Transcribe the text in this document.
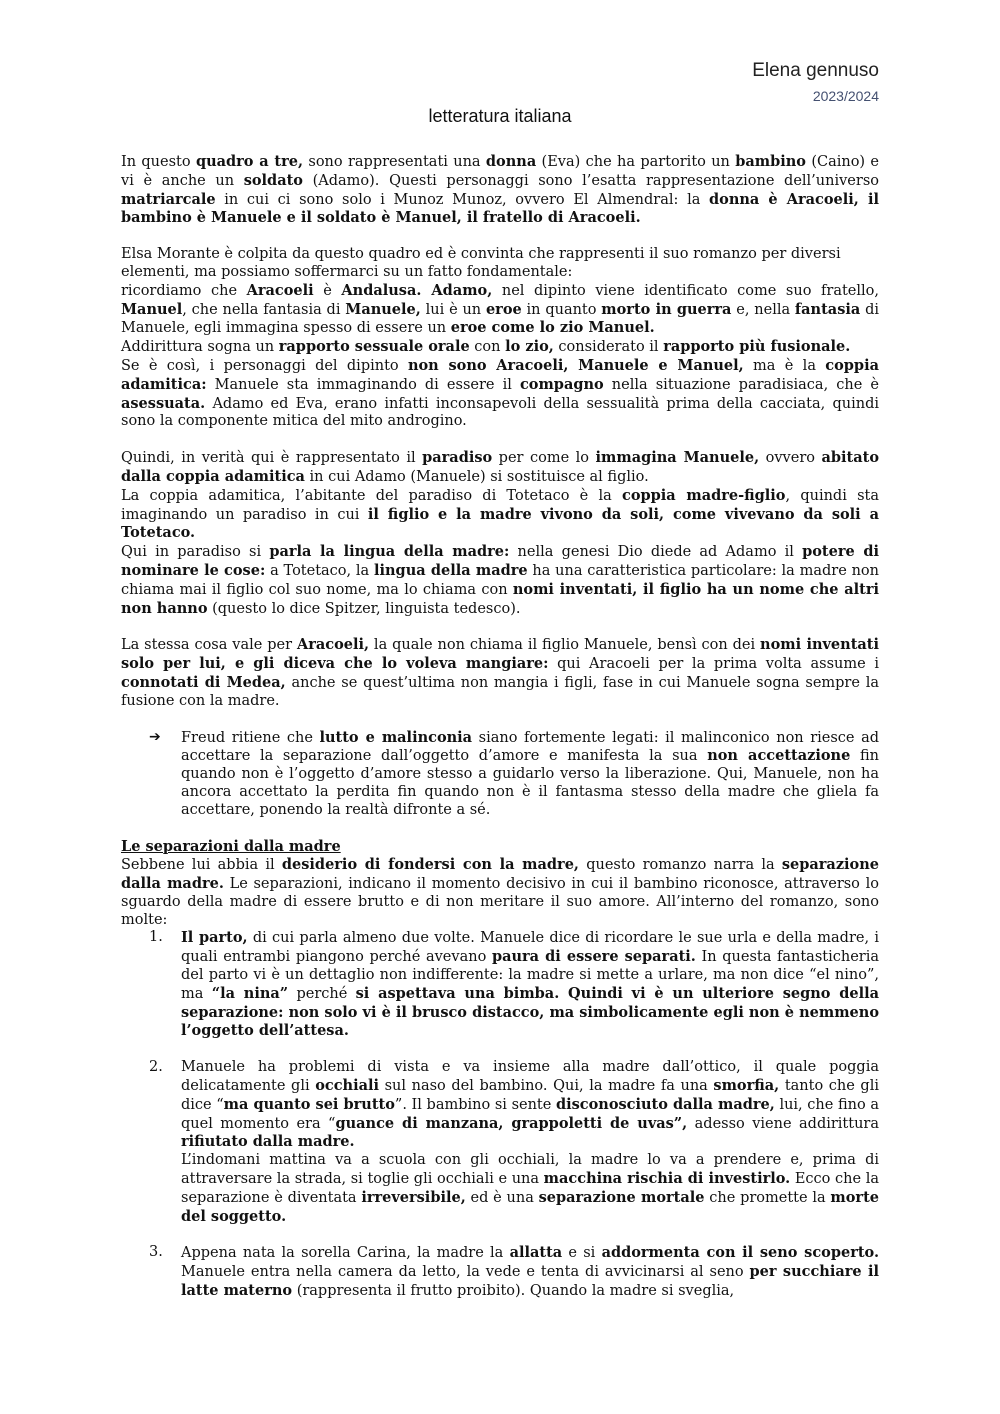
Elena gennuso
2023/2024
letteratura italiana

In questo quadro a tre, sono rappresentati una donna (Eva) che ha partorito un bambino (Caino) e vi è anche un soldato (Adamo). Questi personaggi sono l’esatta rappresentazione dell’universo matriarcale in cui ci sono solo i Munoz Munoz, ovvero El Almendral: la donna è Aracoeli, il bambino è Manuele e il soldato è Manuel, il fratello di Aracoeli.

Elsa Morante è colpita da questo quadro ed è convinta che rappresenti il suo romanzo per diversi elementi, ma possiamo soffermarci su un fatto fondamentale:

ricordiamo che Aracoeli è Andalusa. Adamo, nel dipinto viene identificato come suo fratello, Manuel, che nella fantasia di Manuele, lui è un eroe in quanto morto in guerra e, nella fantasia di Manuele, egli immagina spesso di essere un eroe come lo zio Manuel.

Addirittura sogna un rapporto sessuale orale con lo zio, considerato il rapporto più fusionale.

Se è così, i personaggi del dipinto non sono Aracoeli, Manuele e Manuel, ma è la coppia adamitica: Manuele sta immaginando di essere il compagno nella situazione paradisiaca, che è asessuata. Adamo ed Eva, erano infatti inconsapevoli della sessualità prima della cacciata, quindi sono la componente mitica del mito androgino.

Quindi, in verità qui è rappresentato il paradiso per come lo immagina Manuele, ovvero abitato dalla coppia adamitica in cui Adamo (Manuele) si sostituisce al figlio.

La coppia adamitica, l’abitante del paradiso di Totetaco è la coppia madre-figlio, quindi sta imaginando un paradiso in cui il figlio e la madre vivono da soli, come vivevano da soli a Totetaco.

Qui in paradiso si parla la lingua della madre: nella genesi Dio diede ad Adamo il potere di nominare le cose: a Totetaco, la lingua della madre ha una caratteristica particolare: la madre non chiama mai il figlio col suo nome, ma lo chiama con nomi inventati, il figlio ha un nome che altri non hanno (questo lo dice Spitzer, linguista tedesco).

La stessa cosa vale per Aracoeli, la quale non chiama il figlio Manuele, bensì con dei nomi inventati solo per lui, e gli diceva che lo voleva mangiare: qui Aracoeli per la prima volta assume i connotati di Medea, anche se quest’ultima non mangia i figli, fase in cui Manuele sogna sempre la fusione con la madre.

➔	Freud ritiene che lutto e malinconia siano fortemente legati: il malinconico non riesce ad accettare la separazione dall’oggetto d’amore e manifesta la sua non accettazione fin quando non è l’oggetto d’amore stesso a guidarlo verso la liberazione. Qui, Manuele, non ha ancora accettato la perdita fin quando non è il fantasma stesso della madre che gliela fa accettare, ponendo la realtà difronte a sé.

Le separazioni dalla madre

Sebbene lui abbia il desiderio di fondersi con la madre, questo romanzo narra la separazione dalla madre. Le separazioni, indicano il momento decisivo in cui il bambino riconosce, attraverso lo sguardo della madre di essere brutto e di non meritare il suo amore. All’interno del romanzo, sono molte:

1.	Il parto, di cui parla almeno due volte. Manuele dice di ricordare le sue urla e della madre, i quali entrambi piangono perché avevano paura di essere separati. In questa fantasticheria del parto vi è un dettaglio non indifferente: la madre si mette a urlare, ma non dice “el nino”, ma “la nina” perché si aspettava una bimba. Quindi vi è un ulteriore segno della separazione: non solo vi è il brusco distacco, ma simbolicamente egli non è nemmeno l’oggetto dell’attesa.

2.	Manuele ha problemi di vista e va insieme alla madre dall’ottico, il quale poggia delicatamente gli occhiali sul naso del bambino. Qui, la madre fa una smorfia, tanto che gli dice “ma quanto sei brutto”. Il bambino si sente disconosciuto dalla madre, lui, che fino a quel momento era “guance di manzana, grappoletti de uvas”, adesso viene addirittura rifiutato dalla madre.

L’indomani mattina va a scuola con gli occhiali, la madre lo va a prendere e, prima di attraversare la strada, si toglie gli occhiali e una macchina rischia di investirlo. Ecco che la separazione è diventata irreversibile, ed è una separazione mortale che promette la morte del soggetto.

3.	Appena nata la sorella Carina, la madre la allatta e si addormenta con il seno scoperto. Manuele entra nella camera da letto, la vede e tenta di avvicinarsi al seno per succhiare il latte materno (rappresenta il frutto proibito). Quando la madre si sveglia,
